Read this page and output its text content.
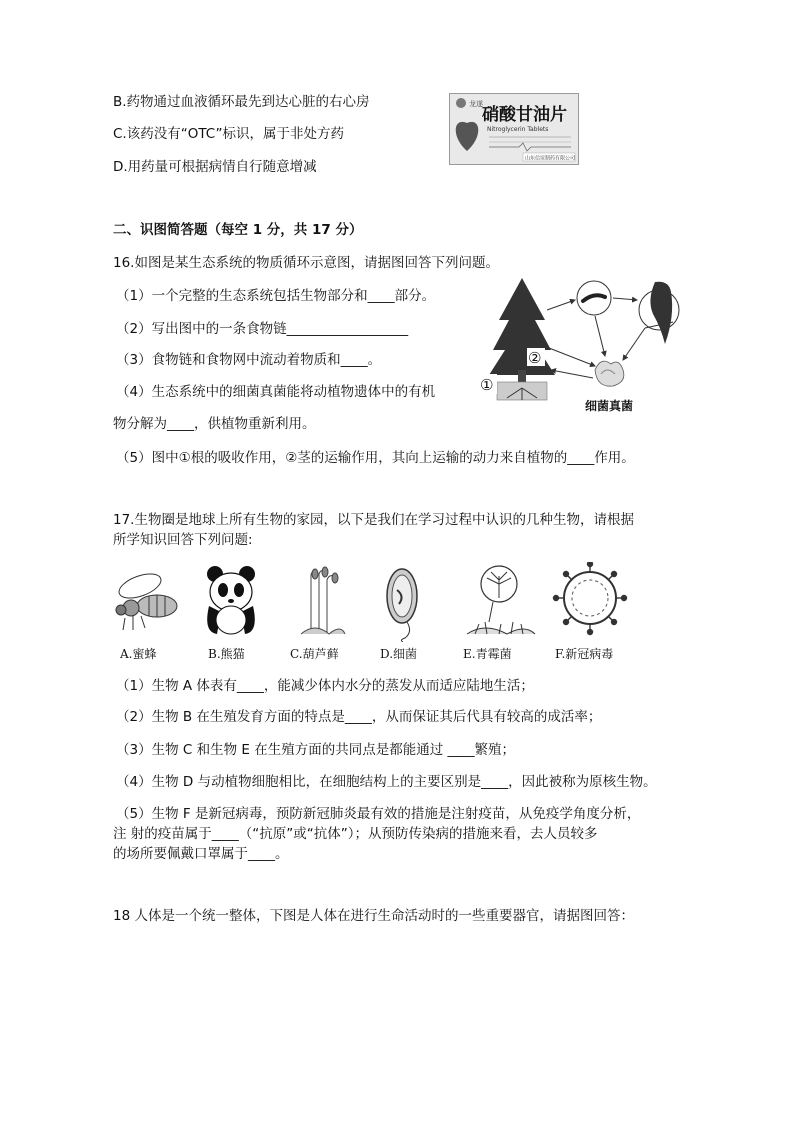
B.药物通过血液循环最先到达心脏的右心房
C.该药没有“OTC”标识，属于非处方药
D.用药量可根据病情自行随意增减
龙遂
硝酸甘油片
Nitroglycerin Tablets
山东信谊制药有限公司
二、识图简答题（每空 1 分，共 17 分）
16.如图是某生态系统的物质循环示意图，请据图回答下列问题。
（1）一个完整的生态系统包括生物部分和____部分。
（2）写出图中的一条食物链__________________
（3）食物链和食物网中流动着物质和____。
（4）生态系统中的细菌真菌能将动植物遗体中的有机
物分解为____，供植物重新利用。
（5）图中①根的吸收作用，②茎的运输作用，其向上运输的动力来自植物的____作用。
①
②
细菌真菌
17.生物圈是地球上所有生物的家园，以下是我们在学习过程中认识的几种生物，请根据
所学知识回答下列问题:
A.蜜蜂	B.熊猫	C.葫芦藓	D.细菌	E.青霉菌	F.新冠病毒
（1）生物 A 体表有____，能减少体内水分的蒸发从而适应陆地生活；
（2）生物 B 在生殖发育方面的特点是____，从而保证其后代具有较高的成活率；
（3）生物 C 和生物 E 在生殖方面的共同点是都能通过 ____繁殖；
（4）生物 D 与动植物细胞相比，在细胞结构上的主要区别是____，因此被称为原核生物。
（5）生物 F 是新冠病毒，预防新冠肺炎最有效的措施是注射疫苗，从免疫学角度分析，
注 射的疫苗属于____（“抗原”或“抗体”）；从预防传染病的措施来看，去人员较多
的场所要佩戴口罩属于____。
18 人体是一个统一整体，下图是人体在进行生命活动时的一些重要器官，请据图回答：
